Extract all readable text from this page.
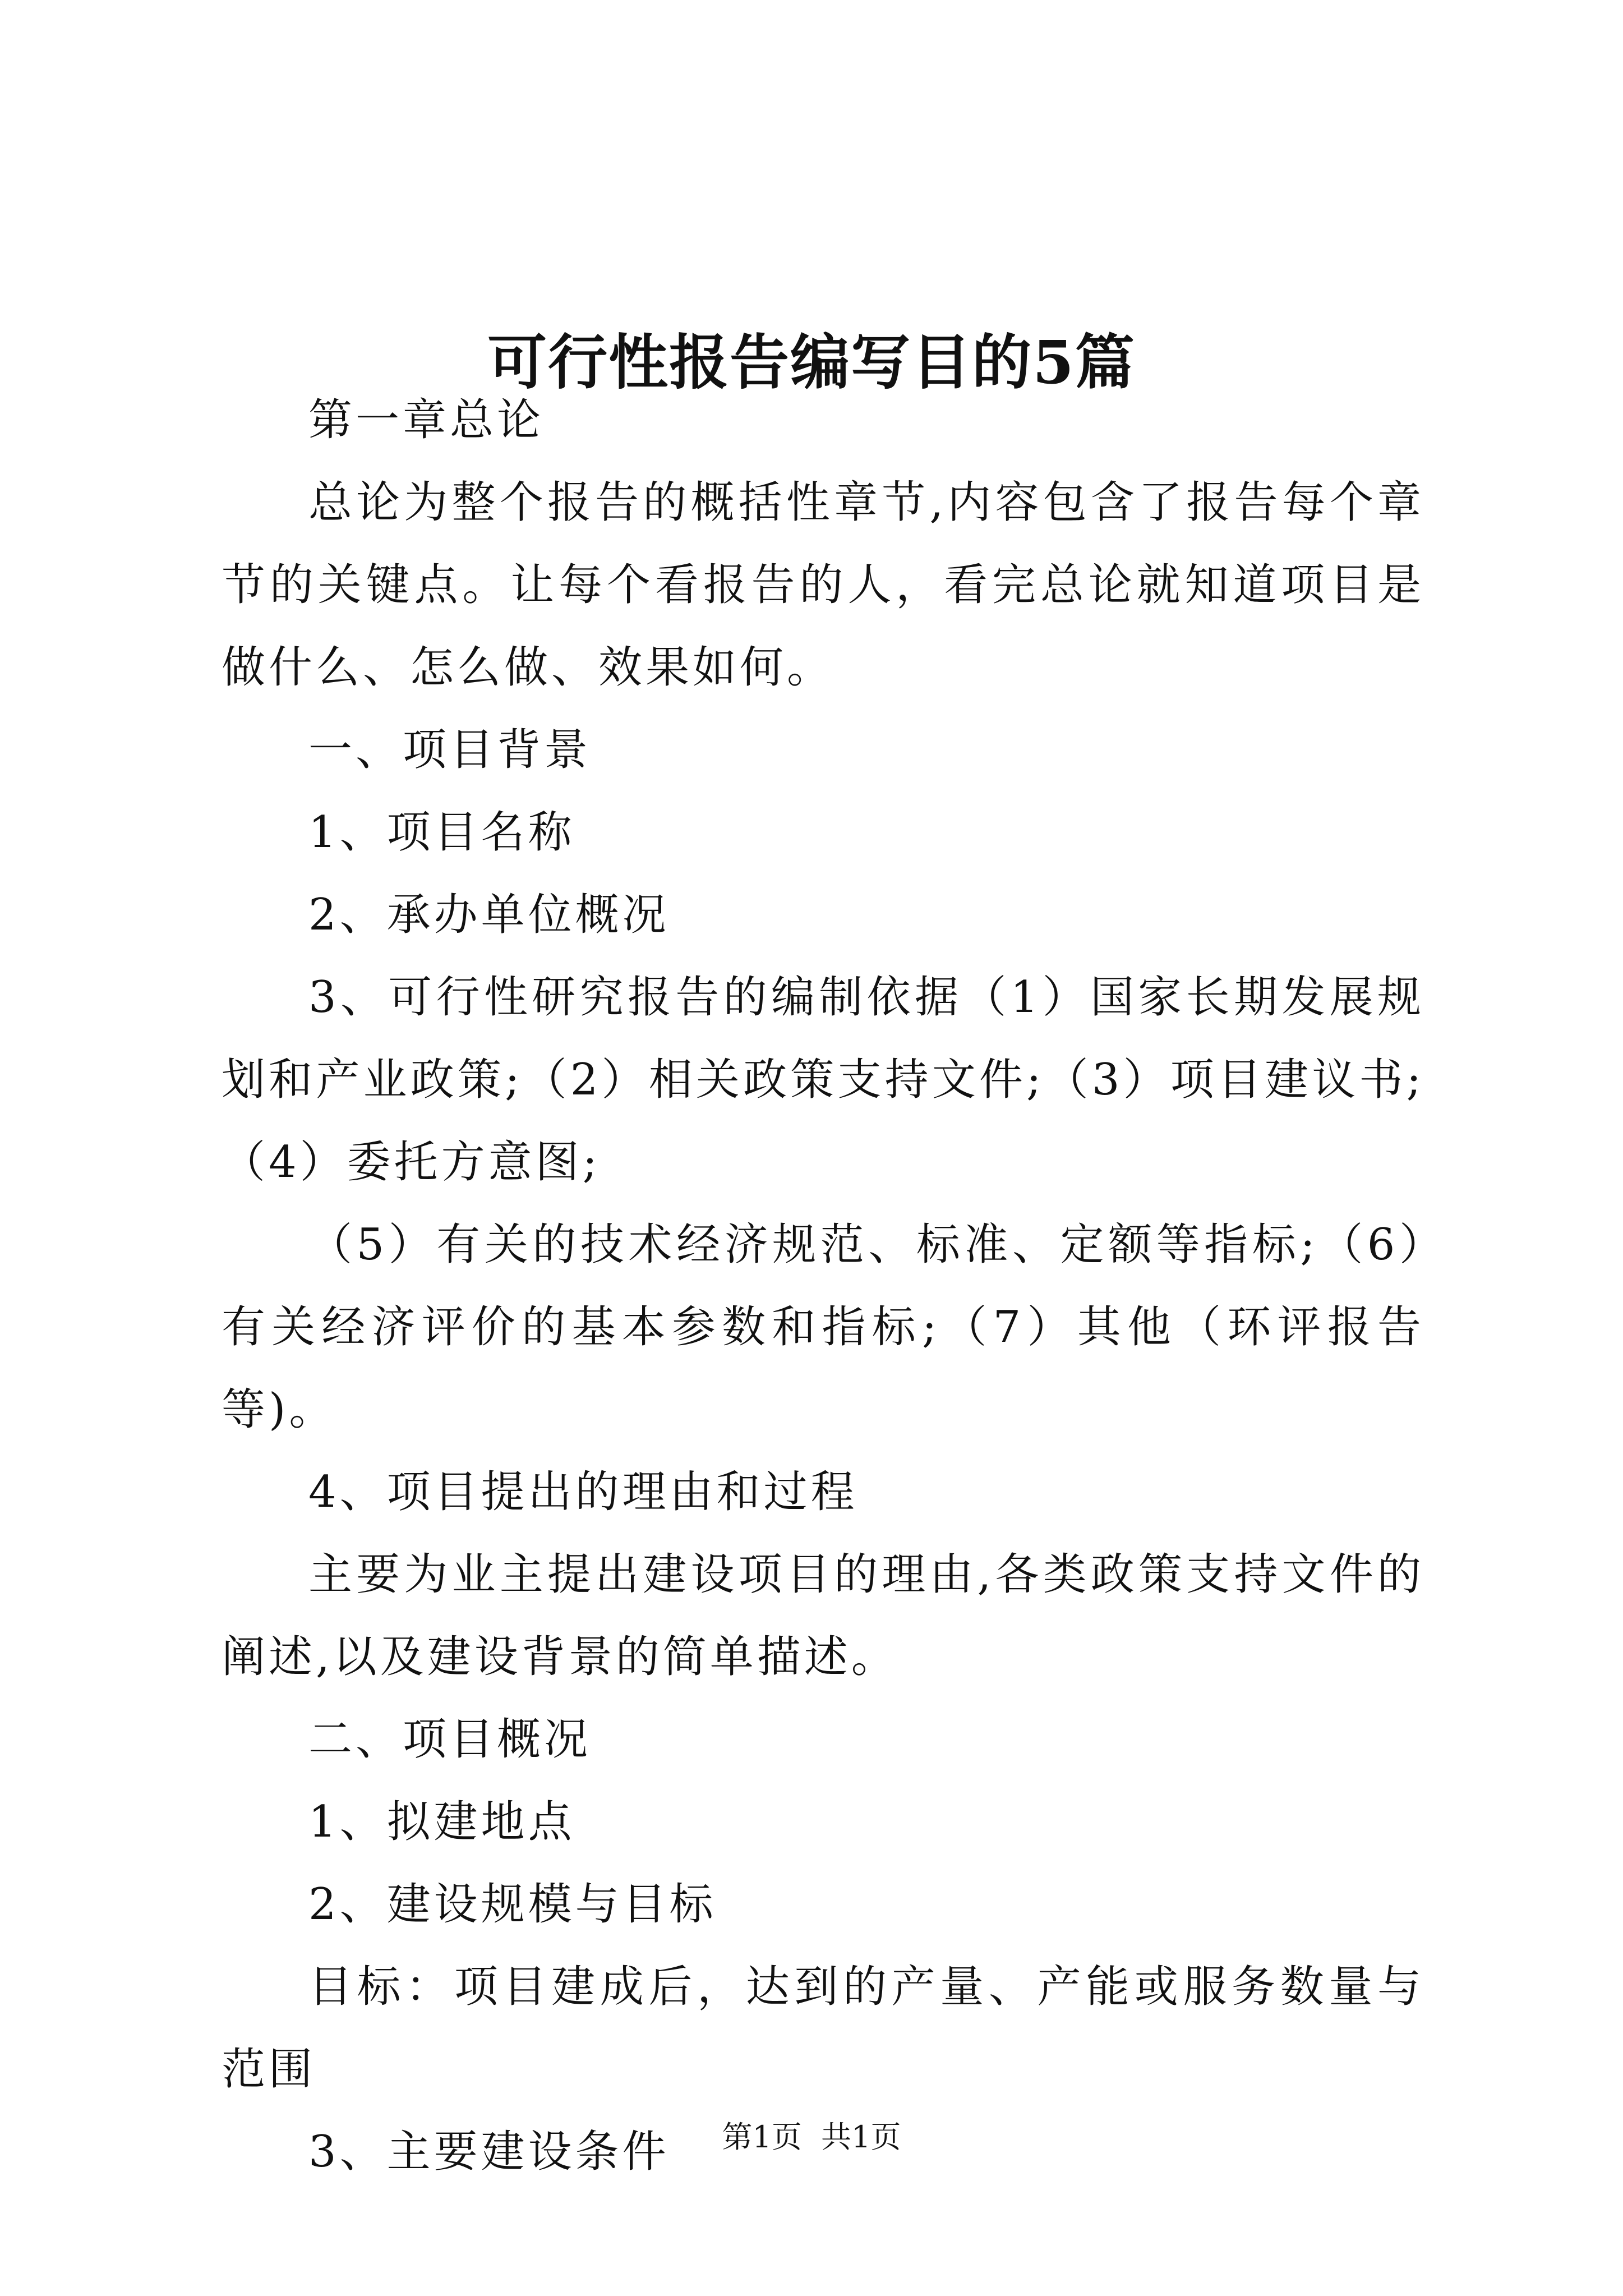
可行性报告编写目的5篇

第一章总论

总论为整个报告的概括性章节,内容包含了报告每个章节的关键点。让每个看报告的人，看完总论就知道项目是做什么、怎么做、效果如何。

一、项目背景

1、项目名称

2、承办单位概况

3、可行性研究报告的编制依据（1）国家长期发展规划和产业政策;（2）相关政策支持文件;（3）项目建议书;（4）委托方意图;

（5）有关的技术经济规范、标准、定额等指标;（6）有关经济评价的基本参数和指标;（7）其他（环评报告等)。

4、项目提出的理由和过程

主要为业主提出建设项目的理由,各类政策支持文件的阐述,以及建设背景的简单描述。

二、项目概况

1、拟建地点

2、建设规模与目标

目标：项目建成后，达到的产量、产能或服务数量与范围

3、主要建设条件	第1页  共1页
